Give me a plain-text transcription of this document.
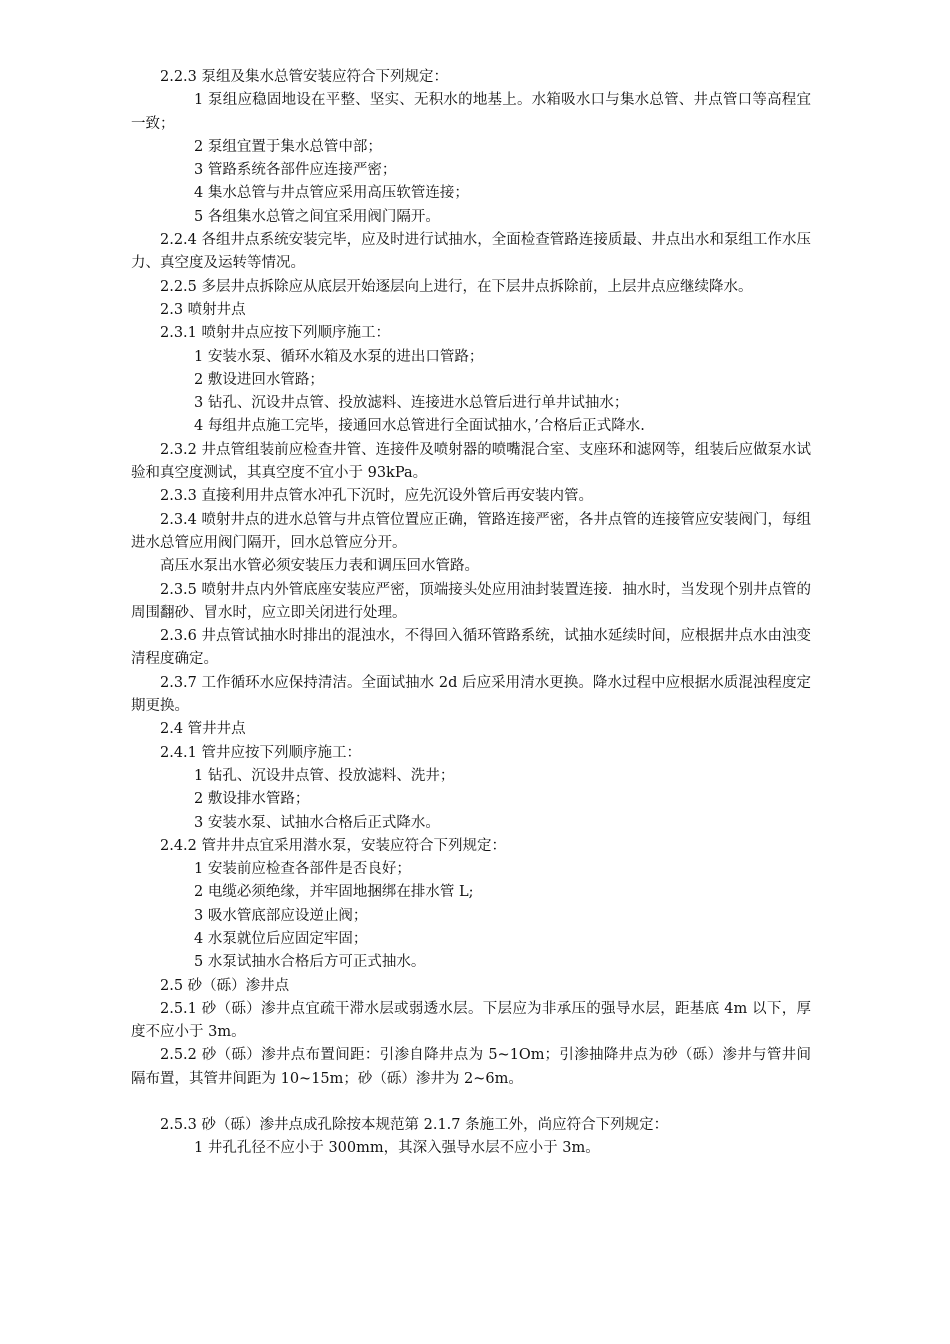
2.2.3 泵组及集水总管安装应符合下列规定：
1 泵组应稳固地设在平整、坚实、无积水的地基上。水箱吸水口与集水总管、井点管口等高程宜一致；
2 泵组宜置于集水总管中部；
3 管路系统各部件应连接严密；
4 集水总管与井点管应采用高压软管连接；
5 各组集水总管之间宜采用阀门隔开。
2.2.4 各组井点系统安装完毕，应及时进行试抽水，全面检查管路连接质最、井点出水和泵组工作水压力、真空度及运转等情况。
2.2.5 多层井点拆除应从底层开始逐层向上进行，在下层井点拆除前，上层井点应继续降水。
2.3 喷射井点
2.3.1 喷射井点应按下列顺序施工：
1 安装水泵、循环水箱及水泵的进出口管路；
2 敷设进回水管路；
3 钻孔、沉设井点管、投放滤料、连接进水总管后进行单井试抽水；
4 每组井点施工完毕，接通回水总管进行全面试抽水，’合格后正式降水.
2.3.2 井点管组装前应检查井管、连接件及喷射器的喷嘴混合室、支座环和滤网等，组装后应做泵水试验和真空度测试，其真空度不宜小于 93kPa。
2.3.3 直接利用井点管水冲孔下沉时，应先沉设外管后再安装内管。
2.3.4 喷射井点的进水总管与井点管位置应正确，管路连接严密，各井点管的连接管应安装阀门，每组进水总管应用阀门隔开，回水总管应分开。
高压水泵出水管必须安装压力表和调压回水管路。
2.3.5 喷射井点内外管底座安装应严密，顶端接头处应用油封装置连接．抽水时，当发现个别井点管的周围翻砂、冒水时，应立即关闭进行处理。
2.3.6 井点管试抽水时排出的混浊水，不得回入循环管路系统，试抽水延续时间，应根据井点水由浊变清程度确定。
2.3.7 工作循环水应保持清洁。全面试抽水 2d 后应采用清水更换。降水过程中应根据水质混浊程度定期更换。
2.4 管井井点
2.4.1 管井应按下列顺序施工：
1 钻孔、沉设井点管、投放滤料、洗井；
2 敷设排水管路；
3 安装水泵、试抽水合格后正式降水。
2.4.2 管井井点宜采用潜水泵，安装应符合下列规定：
1 安装前应检查各部件是否良好；
2 电缆必须绝缘，并牢固地捆绑在排水管 L;
3 吸水管底部应设逆止阀；
4 水泵就位后应固定牢固；
5 水泵试抽水合格后方可正式抽水。
2.5 砂（砾）渗井点
2.5.1 砂（砾）渗井点宜疏干滞水层或弱透水层。下层应为非承压的强导水层，距基底 4m 以下，厚度不应小于 3m。
2.5.2 砂（砾）渗井点布置间距：引渗自降井点为 5~1Om；引渗抽降井点为砂（砾）渗井与管井间隔布置，其管井间距为 10~15m；砂（砾）渗井为 2~6m。
2.5.3 砂（砾）渗井点成孔除按本规范第 2.1.7 条施工外，尚应符合下列规定：
1 井孔孔径不应小于 300mm，其深入强导水层不应小于 3m。
